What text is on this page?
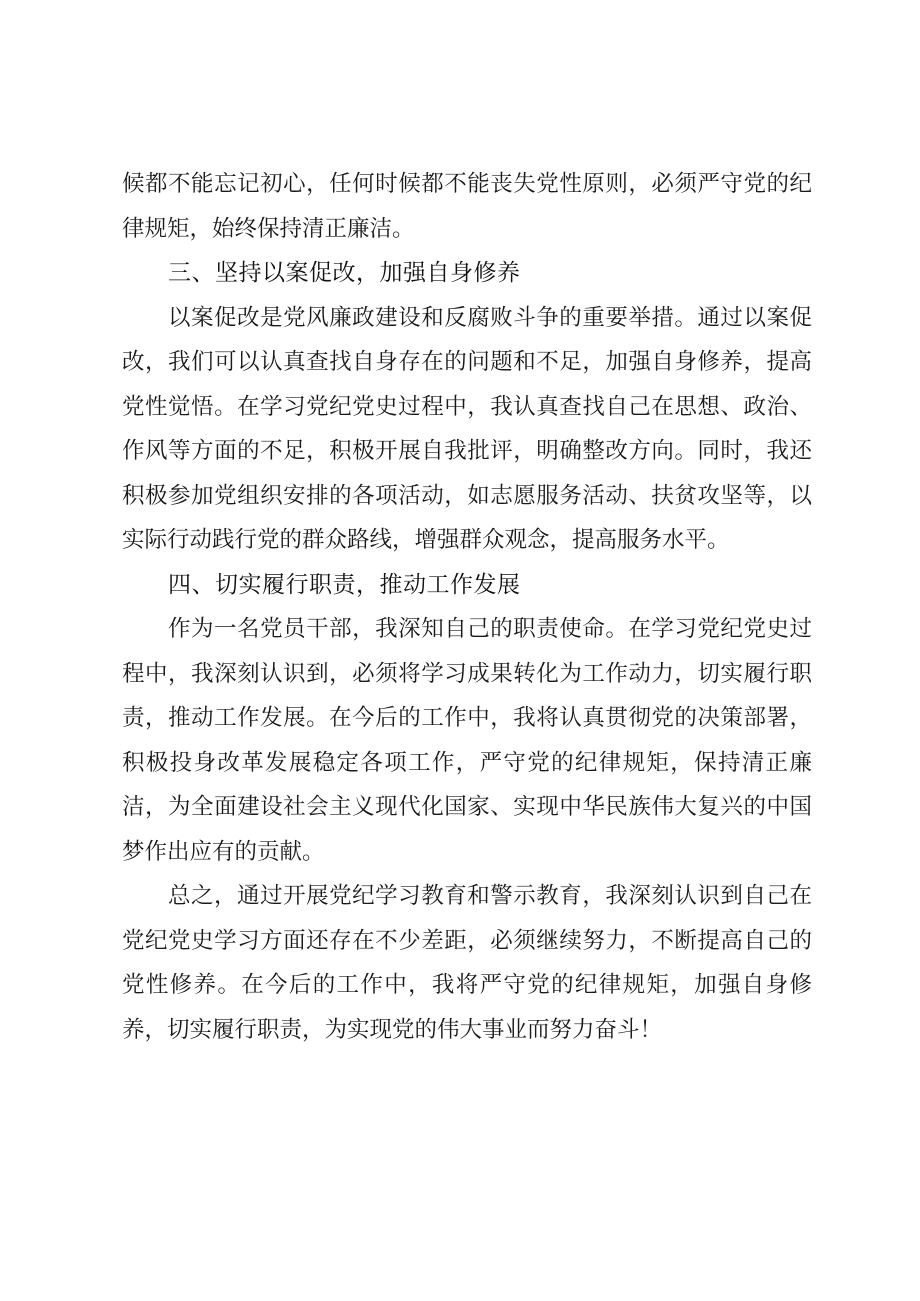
候都不能忘记初心，任何时候都不能丧失党性原则，必须严守党的纪律规矩，始终保持清正廉洁。

三、坚持以案促改，加强自身修养

以案促改是党风廉政建设和反腐败斗争的重要举措。通过以案促改，我们可以认真查找自身存在的问题和不足，加强自身修养，提高党性觉悟。在学习党纪党史过程中，我认真查找自己在思想、政治、作风等方面的不足，积极开展自我批评，明确整改方向。同时，我还积极参加党组织安排的各项活动，如志愿服务活动、扶贫攻坚等，以实际行动践行党的群众路线，增强群众观念，提高服务水平。

四、切实履行职责，推动工作发展

作为一名党员干部，我深知自己的职责使命。在学习党纪党史过程中，我深刻认识到，必须将学习成果转化为工作动力，切实履行职责，推动工作发展。在今后的工作中，我将认真贯彻党的决策部署，积极投身改革发展稳定各项工作，严守党的纪律规矩，保持清正廉洁，为全面建设社会主义现代化国家、实现中华民族伟大复兴的中国梦作出应有的贡献。

总之，通过开展党纪学习教育和警示教育，我深刻认识到自己在党纪党史学习方面还存在不少差距，必须继续努力，不断提高自己的党性修养。在今后的工作中，我将严守党的纪律规矩，加强自身修养，切实履行职责，为实现党的伟大事业而努力奋斗！
